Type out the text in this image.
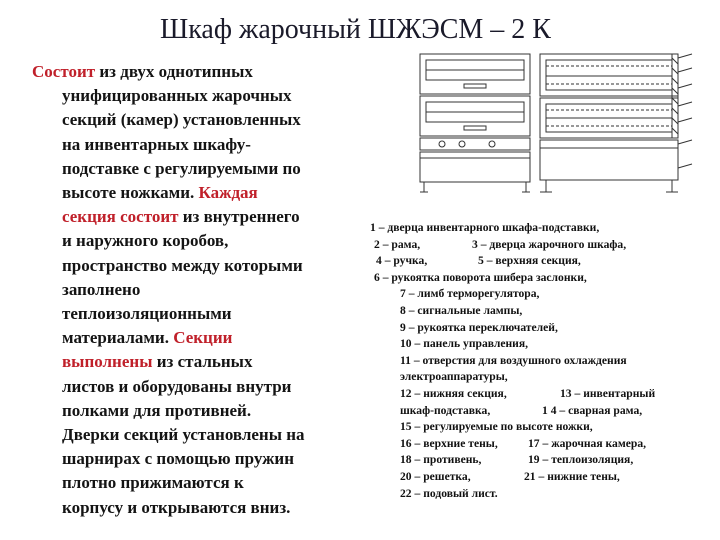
Шкаф жарочный ШЖЭСМ – 2 К
Состоит из двух однотипных
унифицированных жарочных
секций (камер) установленных
на инвентарных шкафу-
подставке с регулируемыми по
высоте ножками. Каждая
секция состоит из внутреннего
и наружного коробов,
пространство между которыми
заполнено
теплоизоляционными
материалами. Секции
выполнены из стальных
листов и оборудованы внутри
полками для противней.
Дверки секций установлены на
шарнирах с помощью пружин
плотно прижимаются к
корпусу и открываются вниз.
1 – дверца инвентарного шкафа-подставки,
2 – рама,	3 – дверца жарочного шкафа,
4 – ручка,	5 – верхняя секция,
6 – рукоятка поворота шибера заслонки,
7 – лимб терморегулятора,
8 – сигнальные лампы,
9 – рукоятка переключателей,
10 – панель управления,
11 – отверстия для воздушного охлаждения
электроаппаратуры,
12 – нижняя секция,	13 – инвентарный
шкаф-подставка,	1 4 – сварная рама,
15 – регулируемые по высоте ножки,
16 – верхние тены,	17 – жарочная камера,
18 – противень,	19 – теплоизоляция,
20 – решетка,	21 – нижние тены,
22 – подовый лист.
